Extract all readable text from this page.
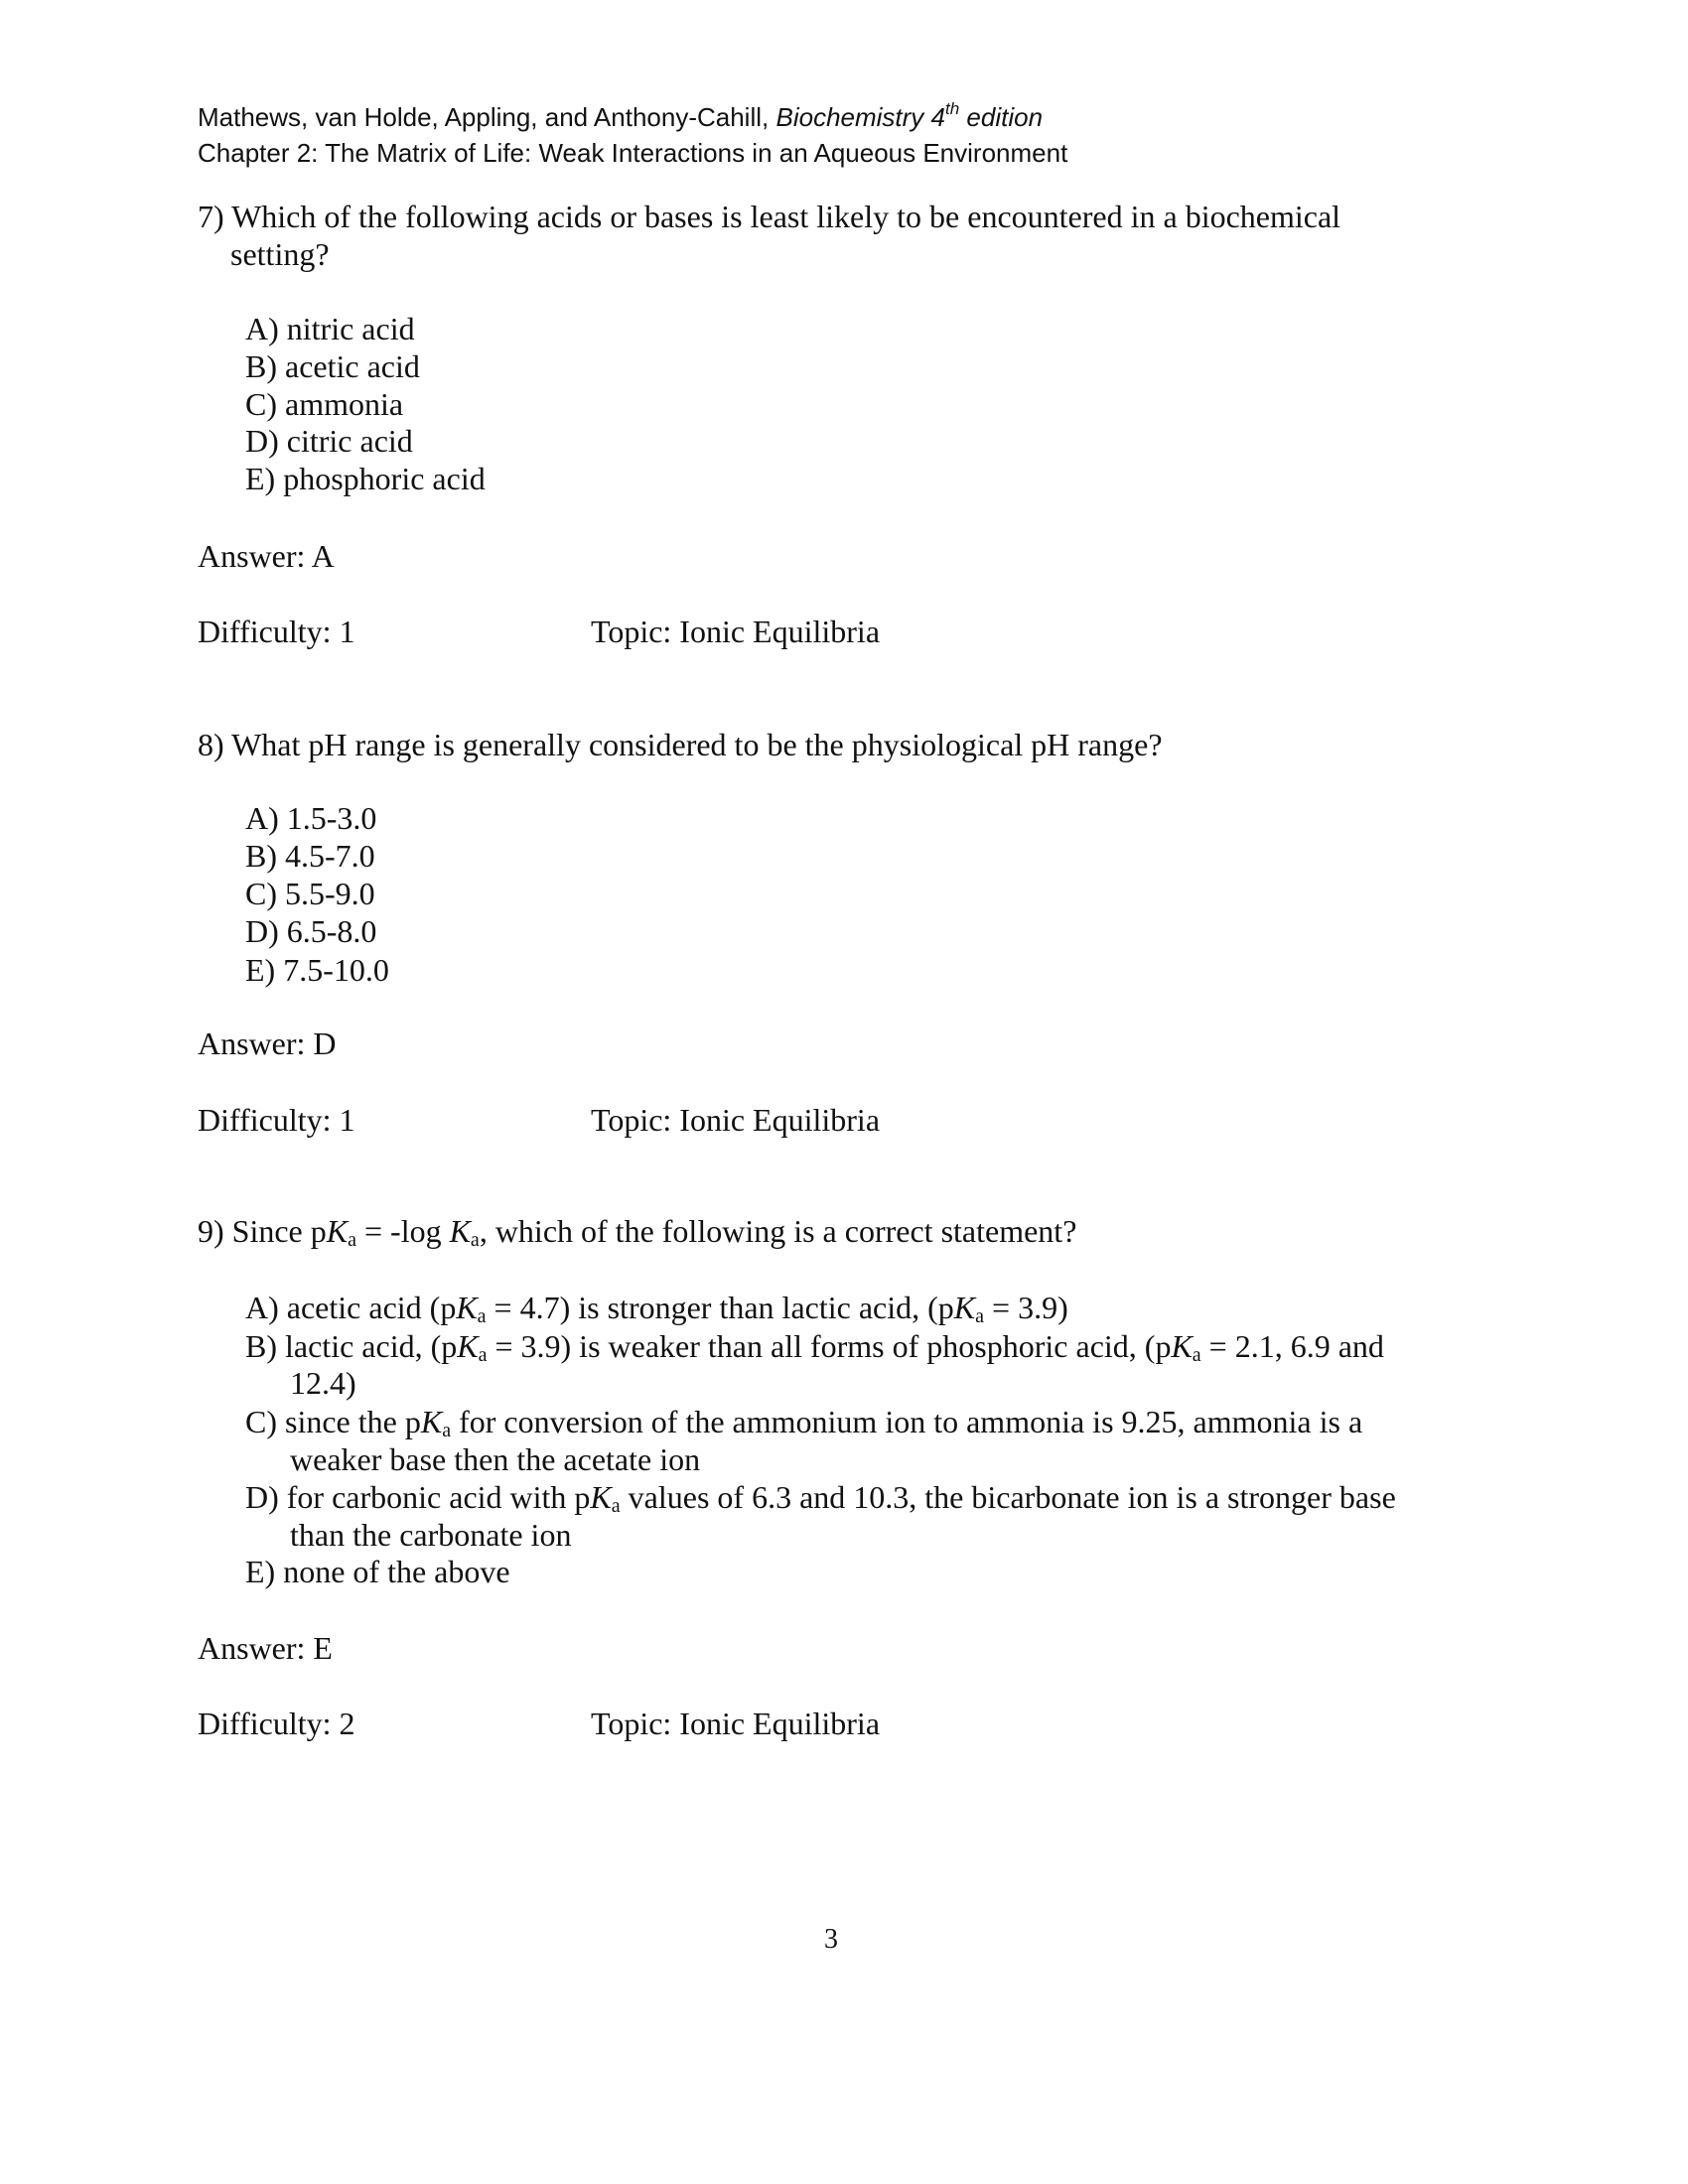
Mathews, van Holde, Appling, and Anthony-Cahill, Biochemistry 4th edition
Chapter 2: The Matrix of Life: Weak Interactions in an Aqueous Environment
7) Which of the following acids or bases is least likely to be encountered in a biochemical
setting?
A) nitric acid
B) acetic acid
C) ammonia
D) citric acid
E) phosphoric acid
Answer: A
Difficulty: 1	Topic: Ionic Equilibria
8) What pH range is generally considered to be the physiological pH range?
A) 1.5-3.0
B) 4.5-7.0
C) 5.5-9.0
D) 6.5-8.0
E) 7.5-10.0
Answer: D
Difficulty: 1	Topic: Ionic Equilibria
9) Since $pK_a = -\log$ $K_a$, which of the following is a correct statement?
A) acetic acid $(pK_a = 4.7)$ is stronger than lactic acid, $(pK_a = 3.9)$
B) lactic acid, $(pK_a = 3.9)$ is weaker than all forms of phosphoric acid, ($pK_a = 2.1$, 6.9 and
12.4)
C) since the $pK_a$ for conversion of the ammonium ion to ammonia is 9.25, ammonia is a
weaker base then the acetate ion
D) for carbonic acid with $pK_a$ values of 6.3 and 10.3, the bicarbonate ion is a stronger base
than the carbonate ion
E) none of the above
Answer: E
Difficulty: 2	Topic: Ionic Equilibria
3
